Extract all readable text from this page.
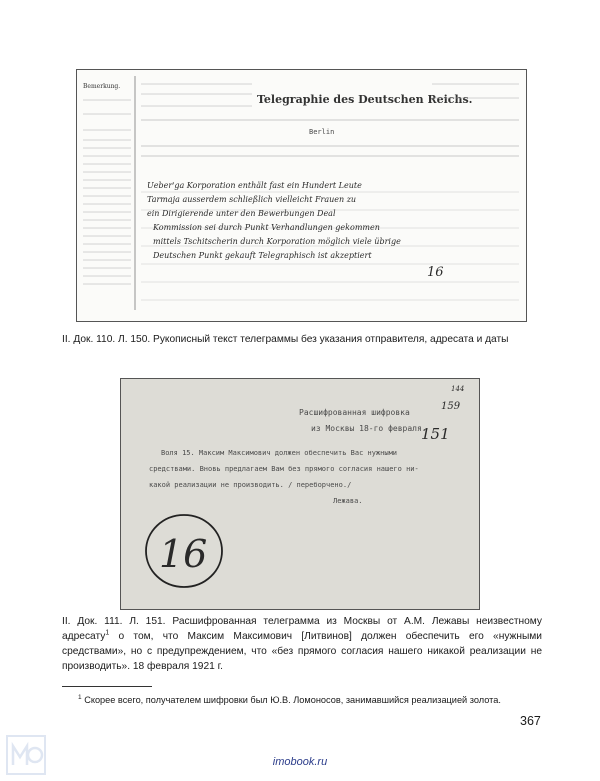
Bemerkung.
Telegraphie des Deutschen Reichs.
Berlin
Ueber'ga Korporation enthält fast ein Hundert Leute
Tarmaja ausserdem schließlich vielleicht Frauen zu
ein Dirigierende unter den Bewerbungen Deal
Kommission sei durch Punkt Verhandlungen gekommen
mittels Tschitscherin durch Korporation möglich viele übrige
Deutschen Punkt gekauft Telegraphisch ist akzeptiert
16
II. Док. 110. Л. 150. Рукописный текст телеграммы без указания отправителя, адресата и даты
Расшифрованная шифровка
из Москвы 18-го февраля.
151
159
144
Воля 15. Максим Максимович должен обеспечить Вас нужными
средствами. Вновь предлагаем Вам без прямого согласия нашего ни-
какой реализации не производить. / переборчено./
Лежава.
16
II. Док. 111. Л. 151. Расшифрованная телеграмма из Москвы от А.М. Лежавы неизвестному адресату$^1$ о том, что Максим Максимович [Литвинов] должен обеспечить его «нужными средствами», но с предупреждением, что «без прямого согласия нашего никакой реализации не производить». 18 февраля 1921 г.
$^1$ Скорее всего, получателем шифровки был Ю.В. Ломоносов, занимавшийся реализацией золота.
367
imobook.ru
